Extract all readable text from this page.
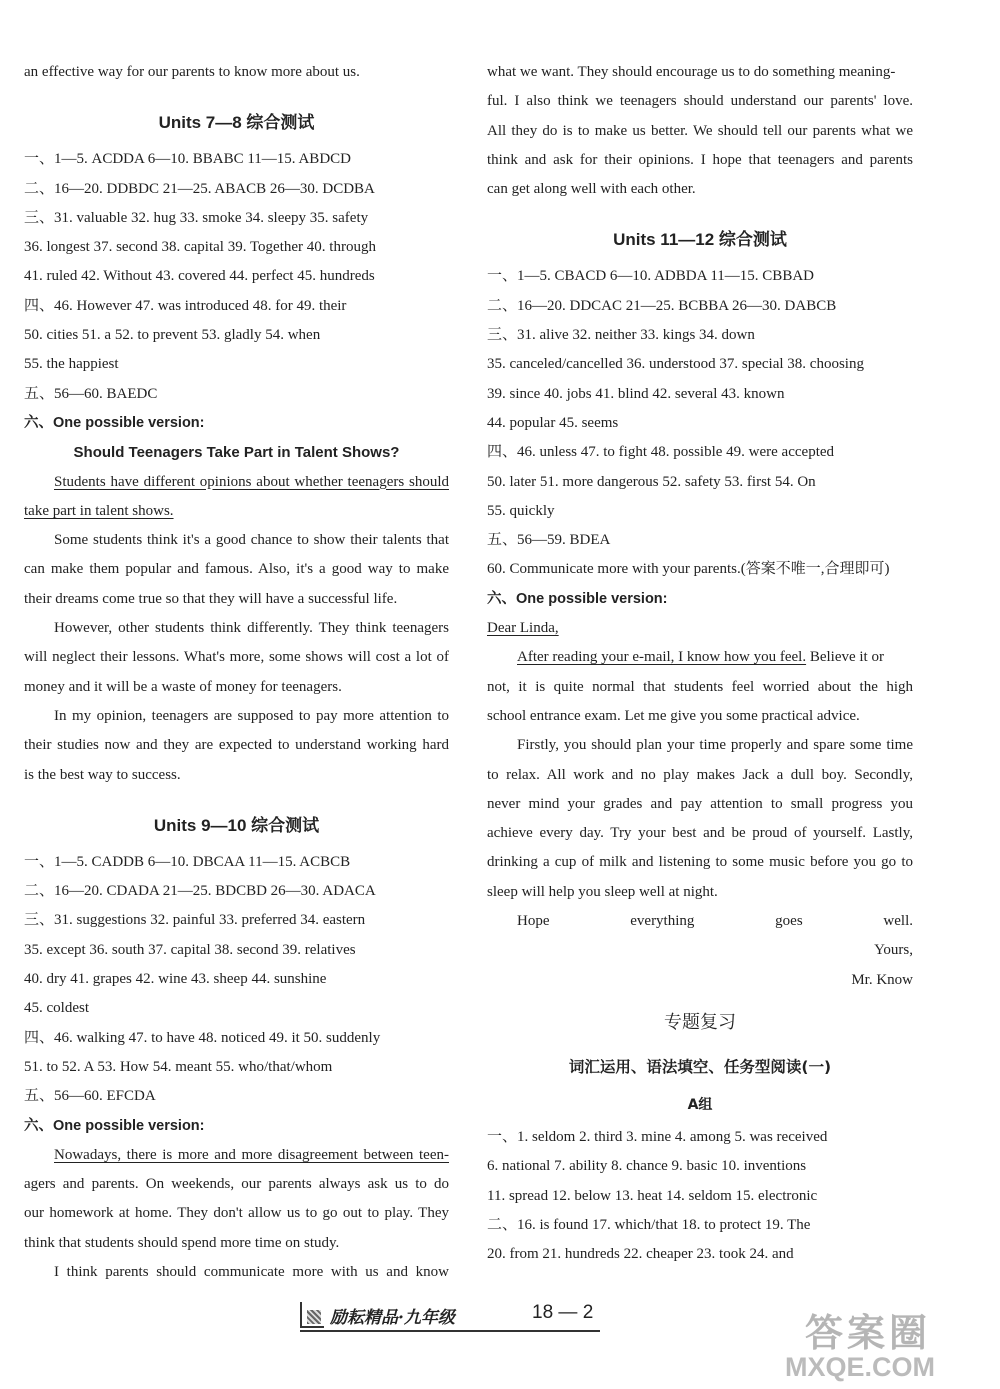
an effective way for our parents to know more about us.
Units 7—8 综合测试
一、1—5. ACDDA 6—10. BBABC 11—15. ABDCD
二、16—20. DDBDC 21—25. ABACB 26—30. DCDBA
三、31. valuable 32. hug 33. smoke 34. sleepy 35. safety
36. longest 37. second 38. capital 39. Together 40. through
41. ruled 42. Without 43. covered 44. perfect 45. hundreds
四、46. However 47. was introduced 48. for 49. their
50. cities 51. a 52. to prevent 53. gladly 54. when
55. the happiest
五、56—60. BAEDC
六、One possible version:
Should Teenagers Take Part in Talent Shows?
Students have different opinions about whether teenagers should
take part in talent shows.
Some students think it's a good chance to show their talents that
can make them popular and famous. Also, it's a good way to make
their dreams come true so that they will have a successful life.
However, other students think differently. They think teenagers
will neglect their lessons. What's more, some shows will cost a lot of
money and it will be a waste of money for teenagers.
In my opinion, teenagers are supposed to pay more attention to
their studies now and they are expected to understand working hard
is the best way to success.
Units 9—10 综合测试
一、1—5. CADDB 6—10. DBCAA 11—15. ACBCB
二、16—20. CDADA 21—25. BDCBD 26—30. ADACA
三、31. suggestions 32. painful 33. preferred 34. eastern
35. except 36. south 37. capital 38. second 39. relatives
40. dry 41. grapes 42. wine 43. sheep 44. sunshine
45. coldest
四、46. walking 47. to have 48. noticed 49. it 50. suddenly
51. to 52. A 53. How 54. meant 55. who/that/whom
五、56—60. EFCDA
六、One possible version:
Nowadays, there is more and more disagreement between teen-
agers and parents. On weekends, our parents always ask us to do
our homework at home. They don't allow us to go out to play. They
think that students should spend more time on study.
I think parents should communicate more with us and know
what we want. They should encourage us to do something meaning-
ful. I also think we teenagers should understand our parents' love.
All they do is to make us better. We should tell our parents what we
think and ask for their opinions. I hope that teenagers and parents
can get along well with each other.
Units 11—12 综合测试
一、1—5. CBACD 6—10. ADBDA 11—15. CBBAD
二、16—20. DDCAC 21—25. BCBBA 26—30. DABCB
三、31. alive 32. neither 33. kings 34. down
35. canceled/cancelled 36. understood 37. special 38. choosing
39. since 40. jobs 41. blind 42. several 43. known
44. popular 45. seems
四、46. unless 47. to fight 48. possible 49. were accepted
50. later 51. more dangerous 52. safety 53. first 54. On
55. quickly
五、56—59. BDEA
60. Communicate more with your parents.(答案不唯一,合理即可)
六、One possible version:
Dear Linda,
After reading your e-mail, I know how you feel. Believe it or
not, it is quite normal that students feel worried about the high
school entrance exam. Let me give you some practical advice.
Firstly, you should plan your time properly and spare some time
to relax. All work and no play makes Jack a dull boy. Secondly,
never mind your grades and pay attention to small progress you
achieve every day. Try your best and be proud of yourself. Lastly,
drinking a cup of milk and listening to some music before you go to
sleep will help you sleep well at night.
Hope everything goes well.
Yours,
Mr. Know
专题复习
词汇运用、语法填空、任务型阅读(一)
A组
一、1. seldom 2. third 3. mine 4. among 5. was received
6. national 7. ability 8. chance 9. basic 10. inventions
11. spread 12. below 13. heat 14. seldom 15. electronic
二、16. is found 17. which/that 18. to protect 19. The
20. from 21. hundreds 22. cheaper 23. took 24. and
励耘精品·九年级	18 — 2	答案圈
MXQE.COM
